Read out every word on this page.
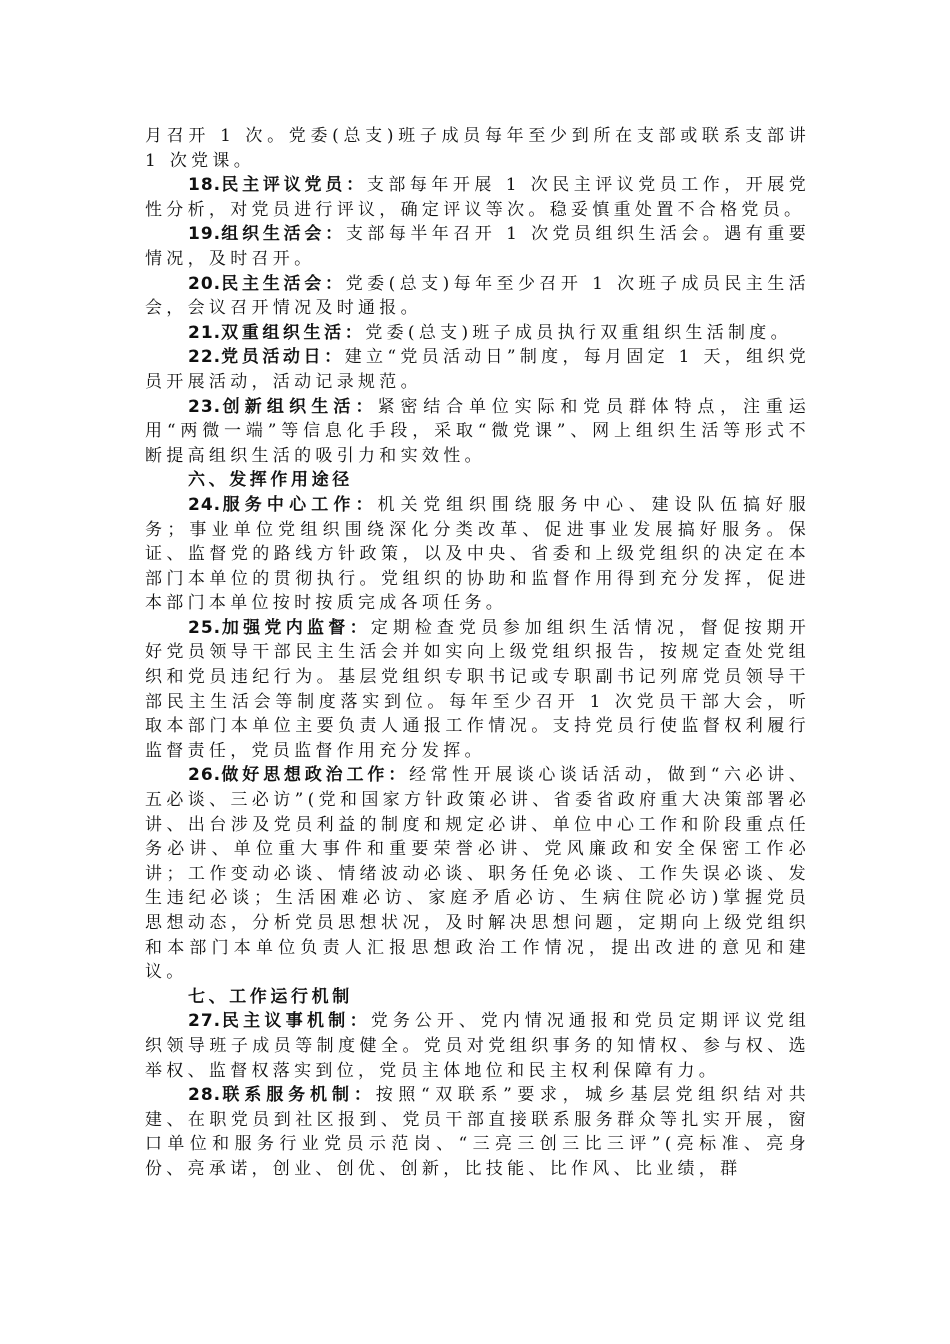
月召开 1 次。党委(总支)班子成员每年至少到所在支部或联系支部讲 1 次党课。

18.民主评议党员：支部每年开展 1 次民主评议党员工作，开展党性分析，对党员进行评议，确定评议等次。稳妥慎重处置不合格党员。

19.组织生活会：支部每半年召开 1 次党员组织生活会。遇有重要情况，及时召开。

20.民主生活会：党委(总支)每年至少召开 1 次班子成员民主生活会，会议召开情况及时通报。

21.双重组织生活：党委(总支)班子成员执行双重组织生活制度。

22.党员活动日：建立“党员活动日”制度，每月固定 1 天，组织党员开展活动，活动记录规范。

23.创新组织生活：紧密结合单位实际和党员群体特点，注重运用“两微一端”等信息化手段，采取“微党课”、网上组织生活等形式不断提高组织生活的吸引力和实效性。

六、发挥作用途径

24.服务中心工作：机关党组织围绕服务中心、建设队伍搞好服务；事业单位党组织围绕深化分类改革、促进事业发展搞好服务。保证、监督党的路线方针政策，以及中央、省委和上级党组织的决定在本部门本单位的贯彻执行。党组织的协助和监督作用得到充分发挥，促进本部门本单位按时按质完成各项任务。

25.加强党内监督：定期检查党员参加组织生活情况，督促按期开好党员领导干部民主生活会并如实向上级党组织报告，按规定查处党组织和党员违纪行为。基层党组织专职书记或专职副书记列席党员领导干部民主生活会等制度落实到位。每年至少召开 1 次党员干部大会，听取本部门本单位主要负责人通报工作情况。支持党员行使监督权利履行监督责任，党员监督作用充分发挥。

26.做好思想政治工作：经常性开展谈心谈话活动，做到“六必讲、五必谈、三必访”(党和国家方针政策必讲、省委省政府重大决策部署必讲、出台涉及党员利益的制度和规定必讲、单位中心工作和阶段重点任务必讲、单位重大事件和重要荣誉必讲、党风廉政和安全保密工作必讲；工作变动必谈、情绪波动必谈、职务任免必谈、工作失误必谈、发生违纪必谈；生活困难必访、家庭矛盾必访、生病住院必访)掌握党员思想动态，分析党员思想状况，及时解决思想问题，定期向上级党组织和本部门本单位负责人汇报思想政治工作情况，提出改进的意见和建议。

七、工作运行机制

27.民主议事机制：党务公开、党内情况通报和党员定期评议党组织领导班子成员等制度健全。党员对党组织事务的知情权、参与权、选举权、监督权落实到位，党员主体地位和民主权利保障有力。

28.联系服务机制：按照“双联系”要求，城乡基层党组织结对共建、在职党员到社区报到、党员干部直接联系服务群众等扎实开展，窗口单位和服务行业党员示范岗、“三亮三创三比三评”(亮标准、亮身份、亮承诺，创业、创优、创新，比技能、比作风、比业绩，群
